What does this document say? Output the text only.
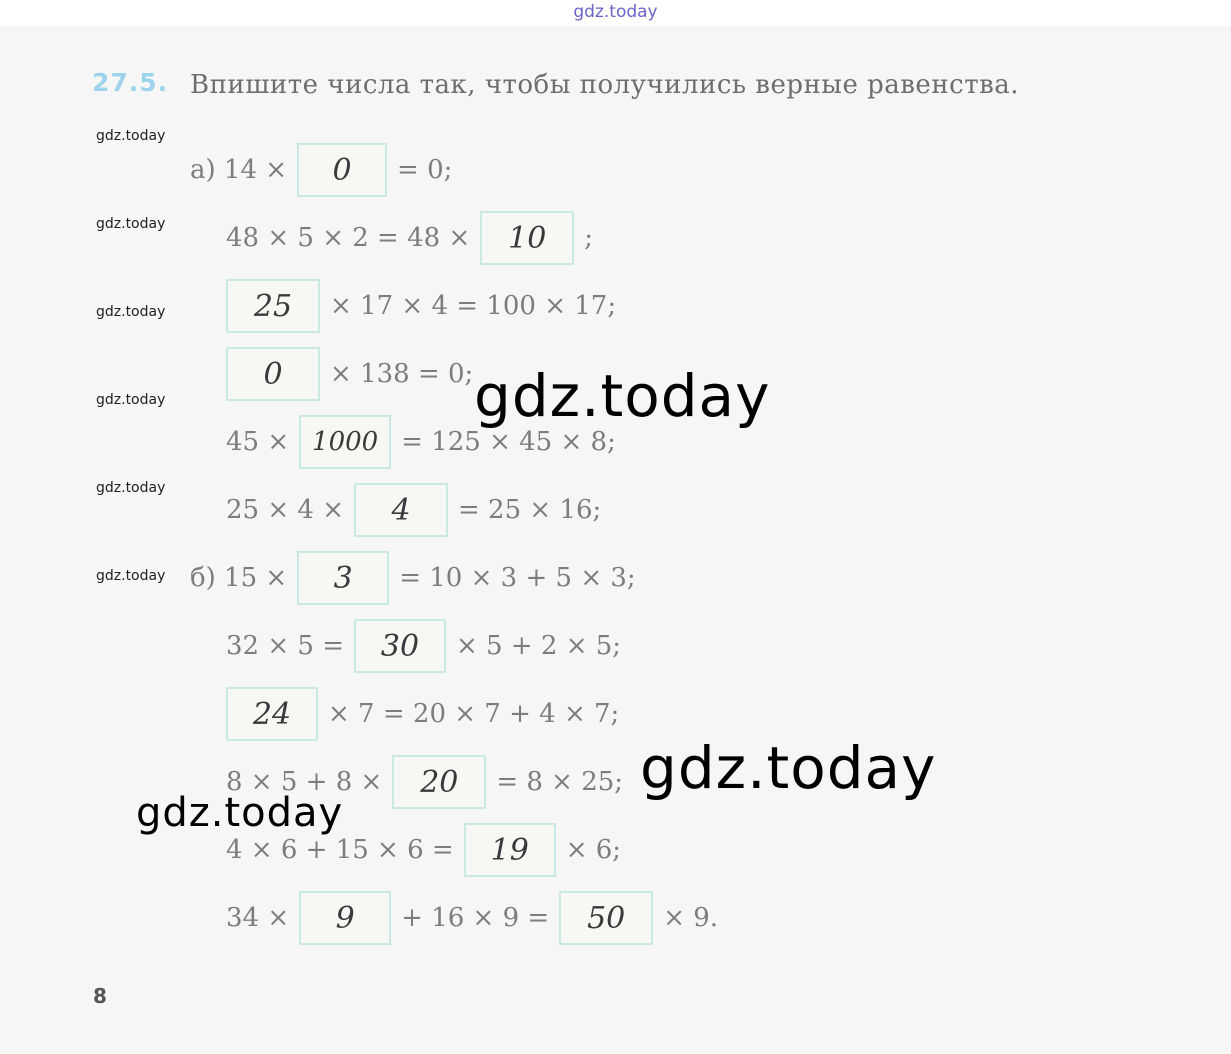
gdz.today
27.5. Впишите числа так, чтобы получились верные равенства.
gdz.today
gdz.today
gdz.today
gdz.today
gdz.today
gdz.today
а) 14 ×	0	= 0;
48 × 5 × 2 = 48 ×	10	;
25	× 17 × 4 = 100 × 17;
0	× 138 = 0;
45 × 1000 = 125 × 45 × 8;
25 × 4 ×	4	= 25 × 16;
б) 15 ×	3	= 10 × 3 + 5 × 3;
32 × 5 =	30	× 5 + 2 × 5;
24	× 7 = 20 × 7 + 4 × 7;
8 × 5 + 8 ×	20	= 8 × 25;
4 × 6 + 15 × 6 =	19	× 6;
34 ×	9	+ 16 × 9 =	50	× 9.
gdz.today
gdz.today
gdz.today
8
